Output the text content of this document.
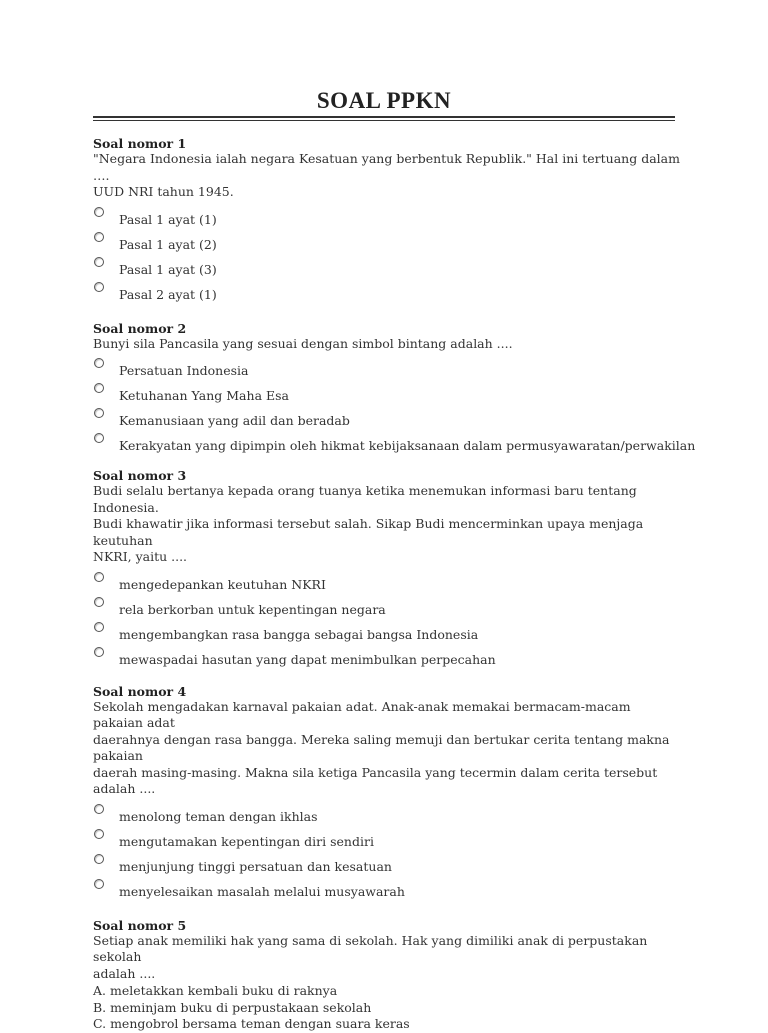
SOAL PPKN
Soal nomor 1
"Negara Indonesia ialah negara Kesatuan yang berbentuk Republik." Hal ini tertuang dalam ….
UUD NRI tahun 1945.
Pasal 1 ayat (1)
Pasal 1 ayat (2)
Pasal 1 ayat (3)
Pasal 2 ayat (1)
Soal nomor 2
Bunyi sila Pancasila yang sesuai dengan simbol bintang adalah ....
Persatuan Indonesia
Ketuhanan Yang Maha Esa
Kemanusiaan yang adil dan beradab
Kerakyatan yang dipimpin oleh hikmat kebijaksanaan dalam permusyawaratan/perwakilan
Soal nomor 3
Budi selalu bertanya kepada orang tuanya ketika menemukan informasi baru tentang Indonesia.
Budi khawatir jika informasi tersebut salah. Sikap Budi mencerminkan upaya menjaga keutuhan
NKRI, yaitu ....
mengedepankan keutuhan NKRI
rela berkorban untuk kepentingan negara
mengembangkan rasa bangga sebagai bangsa Indonesia
mewaspadai hasutan yang dapat menimbulkan perpecahan
Soal nomor 4
Sekolah mengadakan karnaval pakaian adat. Anak-anak memakai bermacam-macam pakaian adat
daerahnya dengan rasa bangga. Mereka saling memuji dan bertukar cerita tentang makna pakaian
daerah masing-masing. Makna sila ketiga Pancasila yang tecermin dalam cerita tersebut
adalah ....
menolong teman dengan ikhlas
mengutamakan kepentingan diri sendiri
menjunjung tinggi persatuan dan kesatuan
menyelesaikan masalah melalui musyawarah
Soal nomor 5
Setiap anak memiliki hak yang sama di sekolah. Hak yang dimiliki anak di perpustakan sekolah
adalah ....
A. meletakkan kembali buku di raknya
B. meminjam buku di perpustakaan sekolah
C. mengobrol bersama teman dengan suara keras
